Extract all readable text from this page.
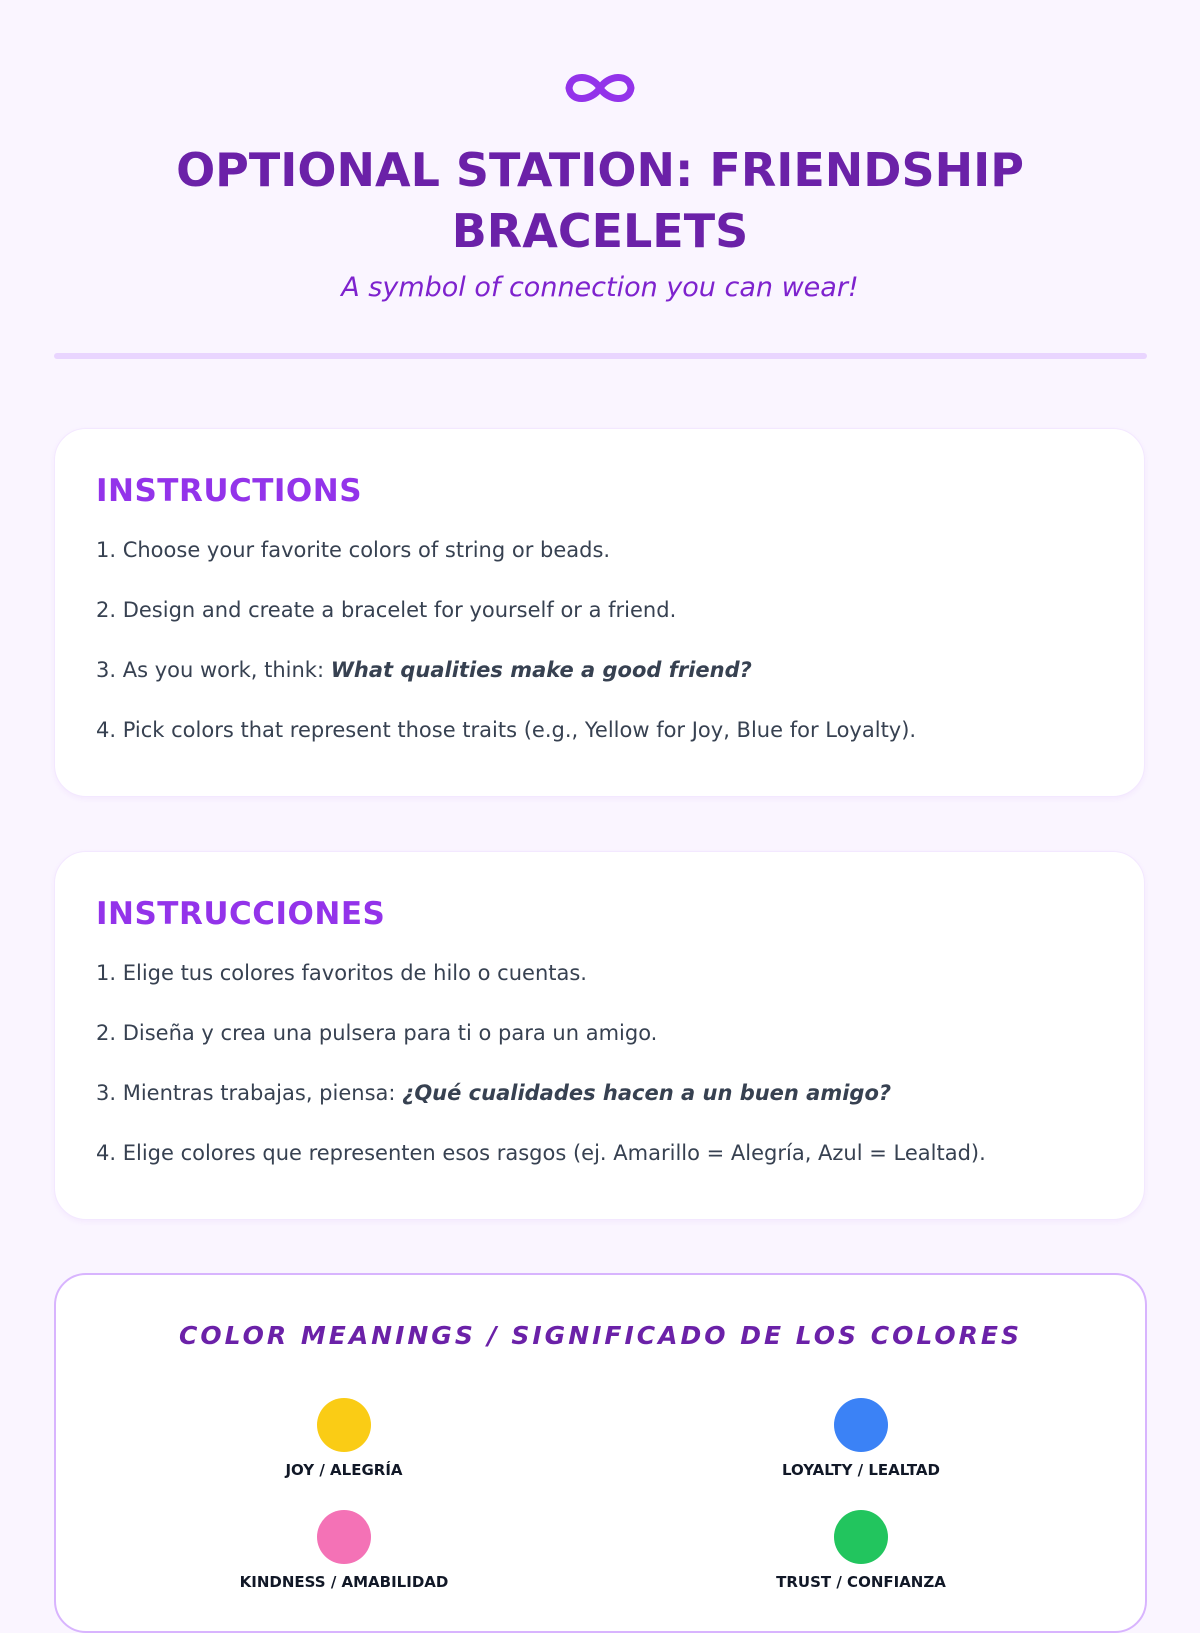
OPTIONAL STATION: FRIENDSHIP BRACELETS
A symbol of connection you can wear!
INSTRUCTIONS
1. Choose your favorite colors of string or beads.
2. Design and create a bracelet for yourself or a friend.
3. As you work, think: What qualities make a good friend?
4. Pick colors that represent those traits (e.g., Yellow for Joy, Blue for Loyalty).
INSTRUCCIONES
1. Elige tus colores favoritos de hilo o cuentas.
2. Diseña y crea una pulsera para ti o para un amigo.
3. Mientras trabajas, piensa: ¿Qué cualidades hacen a un buen amigo?
4. Elige colores que representen esos rasgos (ej. Amarillo = Alegría, Azul = Lealtad).
COLOR MEANINGS / SIGNIFICADO DE LOS COLORES
JOY / ALEGRÍA	LOYALTY / LEALTAD
KINDNESS / AMABILIDAD	TRUST / CONFIANZA
